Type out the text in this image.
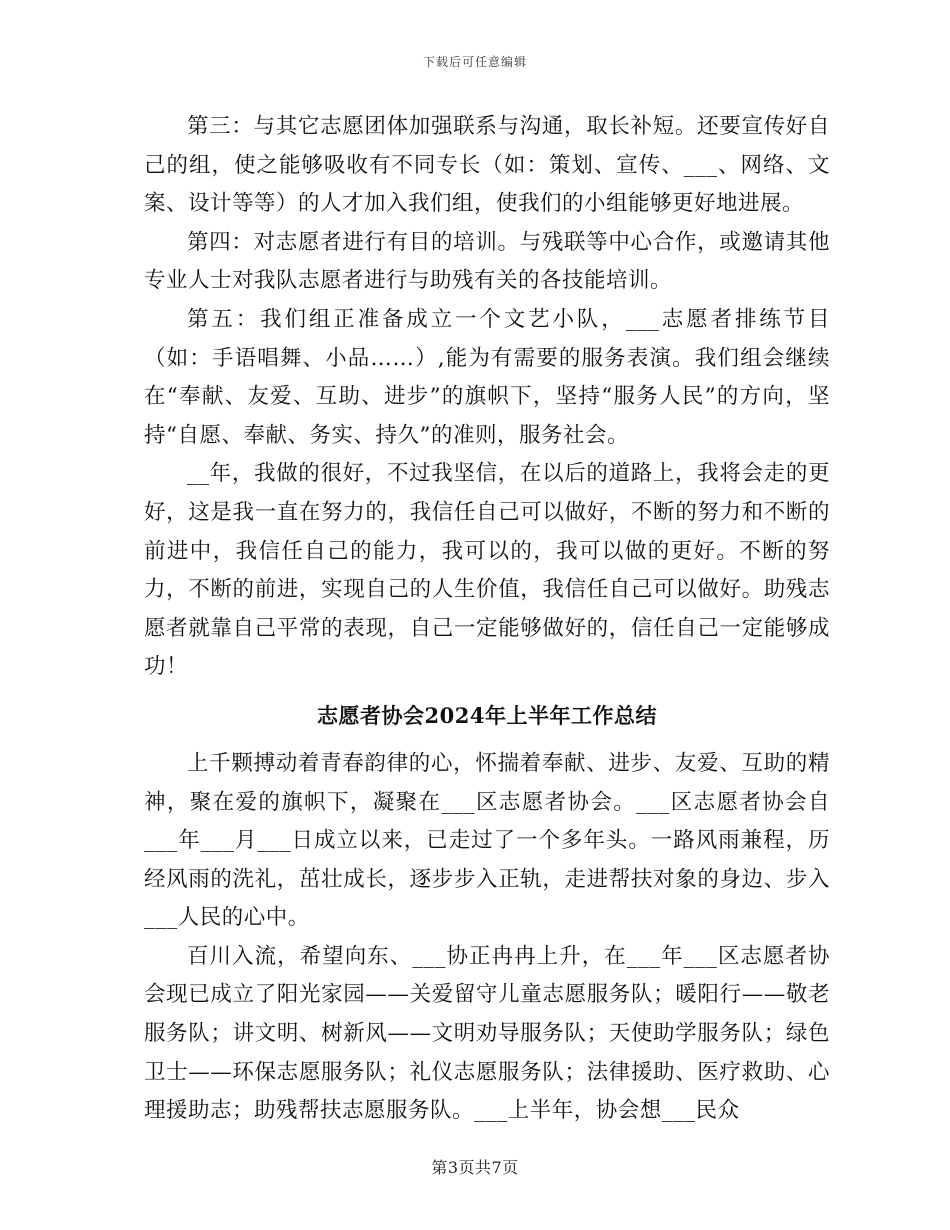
下载后可任意编辑

第三：与其它志愿团体加强联系与沟通，取长补短。还要宣传好自己的组，使之能够吸收有不同专长（如：策划、宣传、___、网络、文案、设计等等）的人才加入我们组，使我们的小组能够更好地进展。

第四：对志愿者进行有目的培训。与残联等中心合作，或邀请其他专业人士对我队志愿者进行与助残有关的各技能培训。

第五：我们组正准备成立一个文艺小队，___志愿者排练节目（如：手语唱舞、小品……）,能为有需要的服务表演。我们组会继续在“奉献、友爱、互助、进步”的旗帜下，坚持“服务人民”的方向，坚持“自愿、奉献、务实、持久”的准则，服务社会。

__年，我做的很好，不过我坚信，在以后的道路上，我将会走的更好，这是我一直在努力的，我信任自己可以做好，不断的努力和不断的前进中，我信任自己的能力，我可以的，我可以做的更好。不断的努力，不断的前进，实现自己的人生价值，我信任自己可以做好。助残志愿者就靠自己平常的表现，自己一定能够做好的，信任自己一定能够成功！

志愿者协会2024年上半年工作总结

上千颗搏动着青春韵律的心，怀揣着奉献、进步、友爱、互助的精神，聚在爱的旗帜下，凝聚在___区志愿者协会。___区志愿者协会自___年___月___日成立以来，已走过了一个多年头。一路风雨兼程，历经风雨的洗礼，茁壮成长，逐步步入正轨，走进帮扶对象的身边、步入___人民的心中。

百川入流，希望向东、___协正冉冉上升，在___年___区志愿者协会现已成立了阳光家园——关爱留守儿童志愿服务队；暖阳行——敬老服务队；讲文明、树新风——文明劝导服务队；天使助学服务队；绿色卫士——环保志愿服务队；礼仪志愿服务队；法律援助、医疗救助、心理援助志；助残帮扶志愿服务队。___上半年，协会想___民众

第3页共7页
